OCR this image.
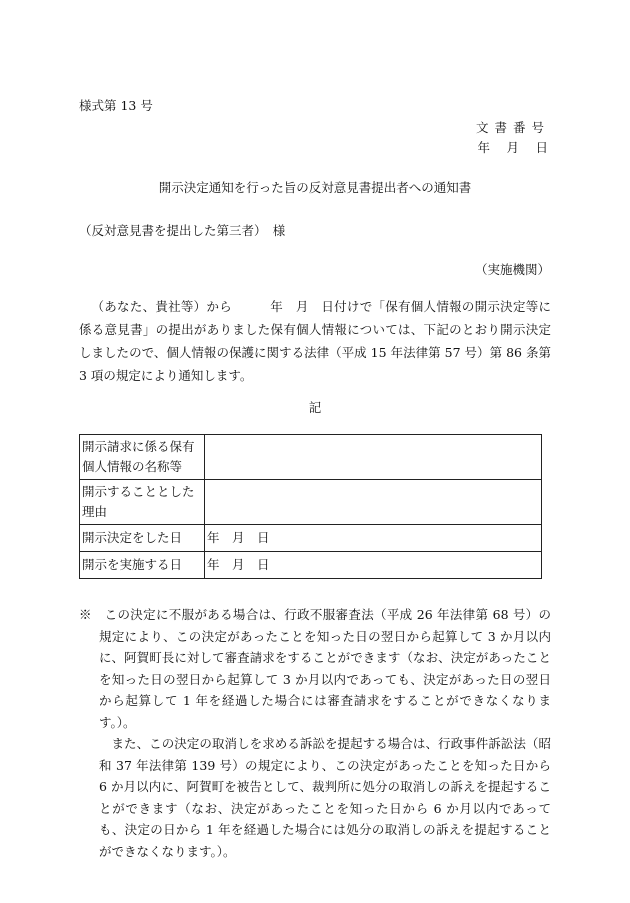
様式第 13 号
文書番号
年　月　日
開示決定通知を行った旨の反対意見書提出者への通知書
（反対意見書を提出した第三者）　様
（実施機関）
（あなた、貴社等）から　　　年　月　日付けで「保有個人情報の開示決定等に係る意見書」の提出がありました保有個人情報については、下記のとおり開示決定しましたので、個人情報の保護に関する法律（平成 15 年法律第 57 号）第 86 条第 3 項の規定により通知します。
記
開示請求に係る保有個人情報の名称等	
開示することとした理由	
開示決定をした日	年　月　日
開示を実施する日	年　月　日

※　この決定に不服がある場合は、行政不服審査法（平成 26 年法律第 68 号）の規定により、この決定があったことを知った日の翌日から起算して 3 か月以内に、阿賀町長に対して審査請求をすることができます（なお、決定があったことを知った日の翌日から起算して 3 か月以内であっても、決定があった日の翌日から起算して 1 年を経過した場合には審査請求をすることができなくなります。）。

また、この決定の取消しを求める訴訟を提起する場合は、行政事件訴訟法（昭和 37 年法律第 139 号）の規定により、この決定があったことを知った日から 6 か月以内に、阿賀町を被告として、裁判所に処分の取消しの訴えを提起することができます（なお、決定があったことを知った日から 6 か月以内であっても、決定の日から 1 年を経過した場合には処分の取消しの訴えを提起することができなくなります。）。
